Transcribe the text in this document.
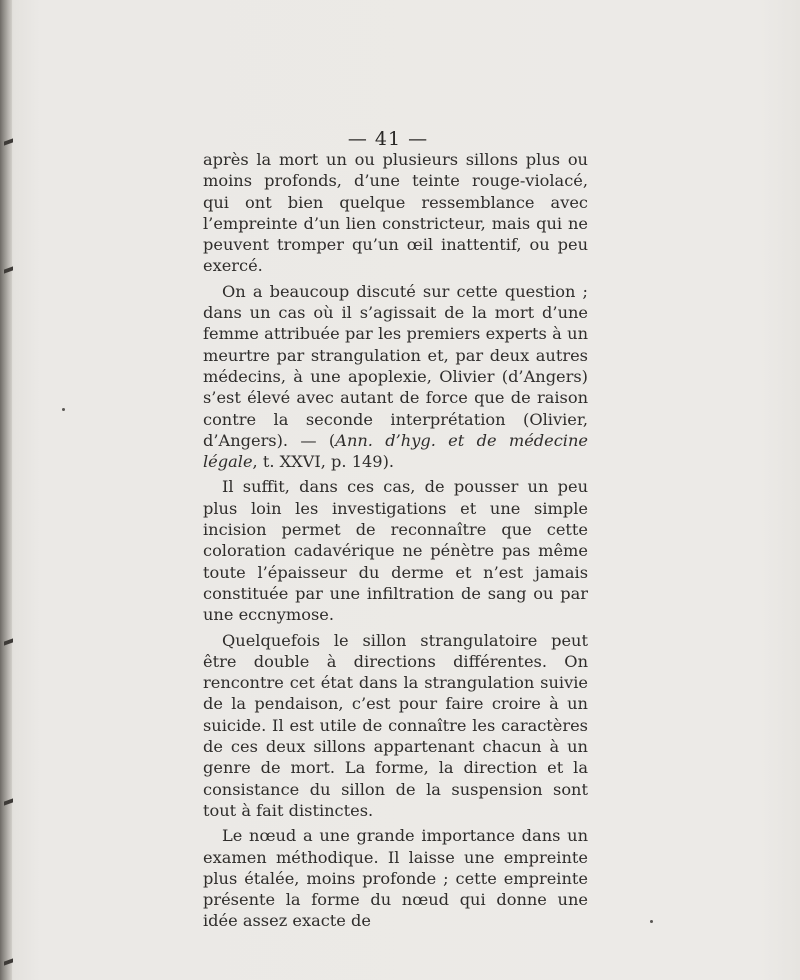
— 41 —

après la mort un ou plusieurs sillons plus ou moins profonds, d’une teinte rouge-violacé, qui ont bien quelque ressemblance avec l’empreinte d’un lien constricteur, mais qui ne peuvent tromper qu’un œil inattentif, ou peu exercé.

On a beaucoup discuté sur cette question ; dans un cas où il s’agissait de la mort d’une femme attribuée par les premiers experts à un meurtre par strangulation et, par deux autres médecins, à une apoplexie, Olivier (d’Angers) s’est élevé avec autant de force que de raison contre la seconde interprétation (Olivier, d’Angers). — (Ann. d’hyg. et de médecine légale, t. XXVI, p. 149).

Il suffit, dans ces cas, de pousser un peu plus loin les investigations et une simple incision permet de reconnaître que cette coloration cadavérique ne pénètre pas même toute l’épaisseur du derme et n’est jamais constituée par une infiltration de sang ou par une eccnymose.

Quelquefois le sillon strangulatoire peut être double à directions différentes. On rencontre cet état dans la strangulation suivie de la pendaison, c’est pour faire croire à un suicide. Il est utile de connaître les caractères de ces deux sillons appartenant chacun à un genre de mort. La forme, la direction et la consistance du sillon de la suspension sont tout à fait distinctes.

Le nœud a une grande importance dans un examen méthodique. Il laisse une empreinte plus étalée, moins profonde ; cette empreinte présente la forme du nœud qui donne une idée assez exacte de
